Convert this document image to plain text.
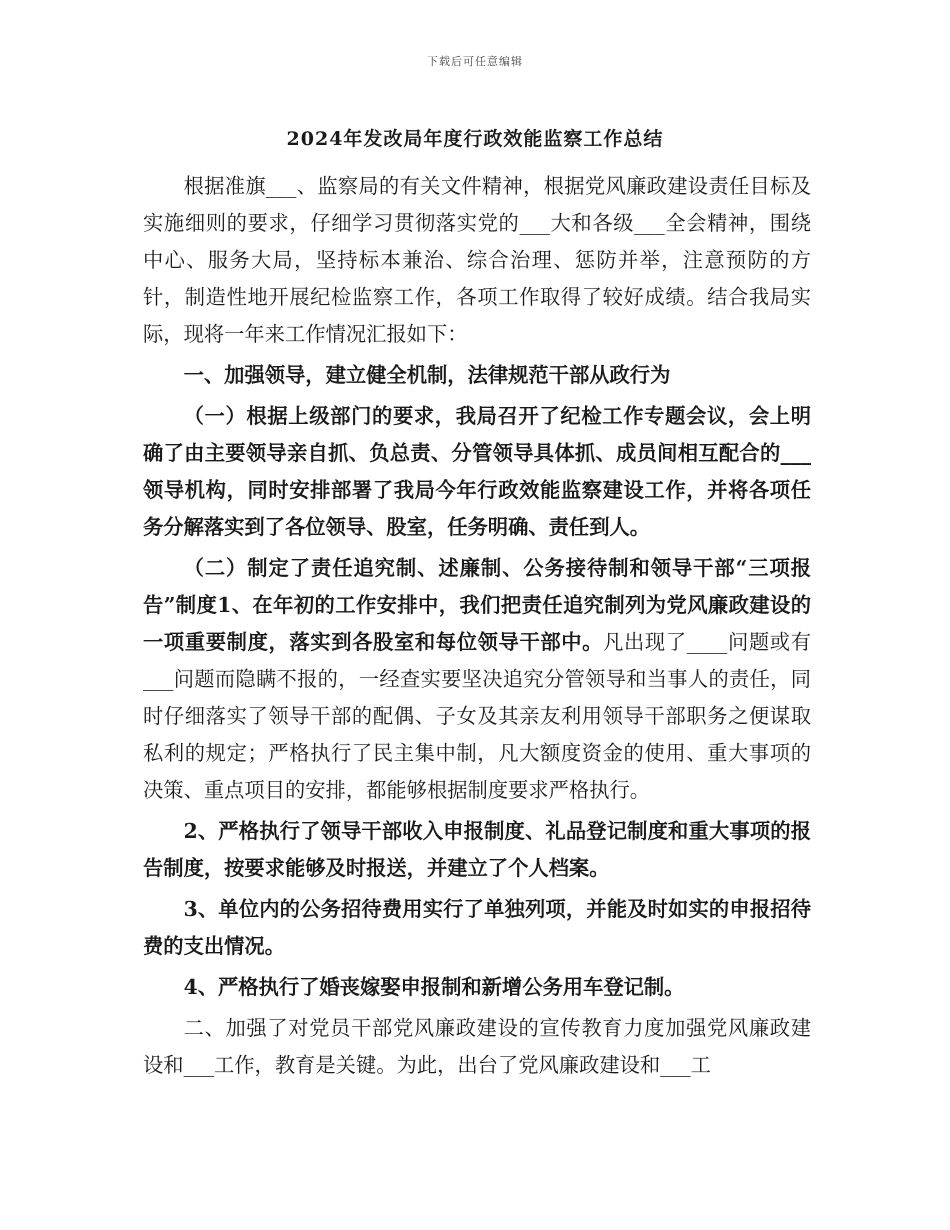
下载后可任意编辑
2024年发改局年度行政效能监察工作总结

根据准旗___、监察局的有关文件精神，根据党风廉政建设责任目标及实施细则的要求，仔细学习贯彻落实党的___大和各级___全会精神，围绕中心、服务大局，坚持标本兼治、综合治理、惩防并举，注意预防的方针，制造性地开展纪检监察工作，各项工作取得了较好成绩。结合我局实际，现将一年来工作情况汇报如下：

一、加强领导，建立健全机制，法律规范干部从政行为

（一）根据上级部门的要求，我局召开了纪检工作专题会议，会上明确了由主要领导亲自抓、负总责、分管领导具体抓、成员间相互配合的___领导机构，同时安排部署了我局今年行政效能监察建设工作，并将各项任务分解落实到了各位领导、股室，任务明确、责任到人。

（二）制定了责任追究制、述廉制、公务接待制和领导干部“三项报告”制度1、在年初的工作安排中，我们把责任追究制列为党风廉政建设的一项重要制度，落实到各股室和每位领导干部中。凡出现了____问题或有___问题而隐瞒不报的，一经查实要坚决追究分管领导和当事人的责任，同时仔细落实了领导干部的配偶、子女及其亲友利用领导干部职务之便谋取私利的规定；严格执行了民主集中制，凡大额度资金的使用、重大事项的决策、重点项目的安排，都能够根据制度要求严格执行。

2、严格执行了领导干部收入申报制度、礼品登记制度和重大事项的报告制度，按要求能够及时报送，并建立了个人档案。

3、单位内的公务招待费用实行了单独列项，并能及时如实的申报招待费的支出情况。

4、严格执行了婚丧嫁娶申报制和新增公务用车登记制。

二、加强了对党员干部党风廉政建设的宣传教育力度加强党风廉政建设和___工作，教育是关键。为此，出台了党风廉政建设和___工
